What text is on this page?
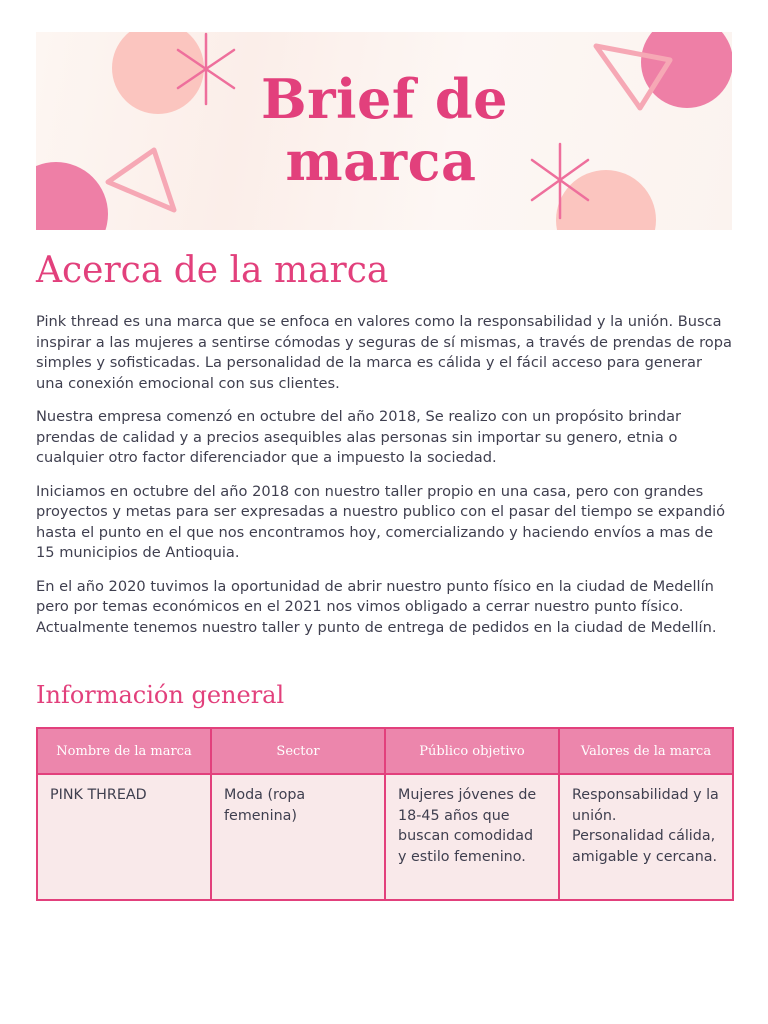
Brief de
marca
Acerca de la marca

Pink thread es una marca que se enfoca en valores como la responsabilidad y la unión. Busca inspirar a las mujeres a sentirse cómodas y seguras de sí mismas, a través de prendas de ropa simples y sofisticadas. La personalidad de la marca es cálida y el fácil acceso para generar una conexión emocional con sus clientes.

Nuestra empresa comenzó en octubre del año 2018, Se realizo con un propósito brindar prendas de calidad y a precios asequibles alas personas sin importar su genero, etnia o cualquier otro factor diferenciador que a impuesto la sociedad.

Iniciamos en octubre del año 2018 con nuestro taller propio en una casa, pero con grandes proyectos y metas para ser expresadas a nuestro publico con el pasar del tiempo se expandió hasta el punto en el que nos encontramos hoy, comercializando y haciendo envíos a mas de 15 municipios de Antioquia.

En el año 2020 tuvimos la oportunidad de abrir nuestro punto físico en la ciudad de Medellín pero por temas económicos en el 2021 nos vimos obligado a cerrar nuestro punto físico. Actualmente tenemos nuestro taller y punto de entrega de pedidos en la ciudad de Medellín.

Información general
Nombre de la marca	Sector	Público objetivo	Valores de la marca
PINK THREAD	Moda (ropa femenina)	Mujeres jóvenes de 18-45 años que buscan comodidad y estilo femenino.	Responsabilidad y la unión.
Personalidad cálida, amigable y cercana.
